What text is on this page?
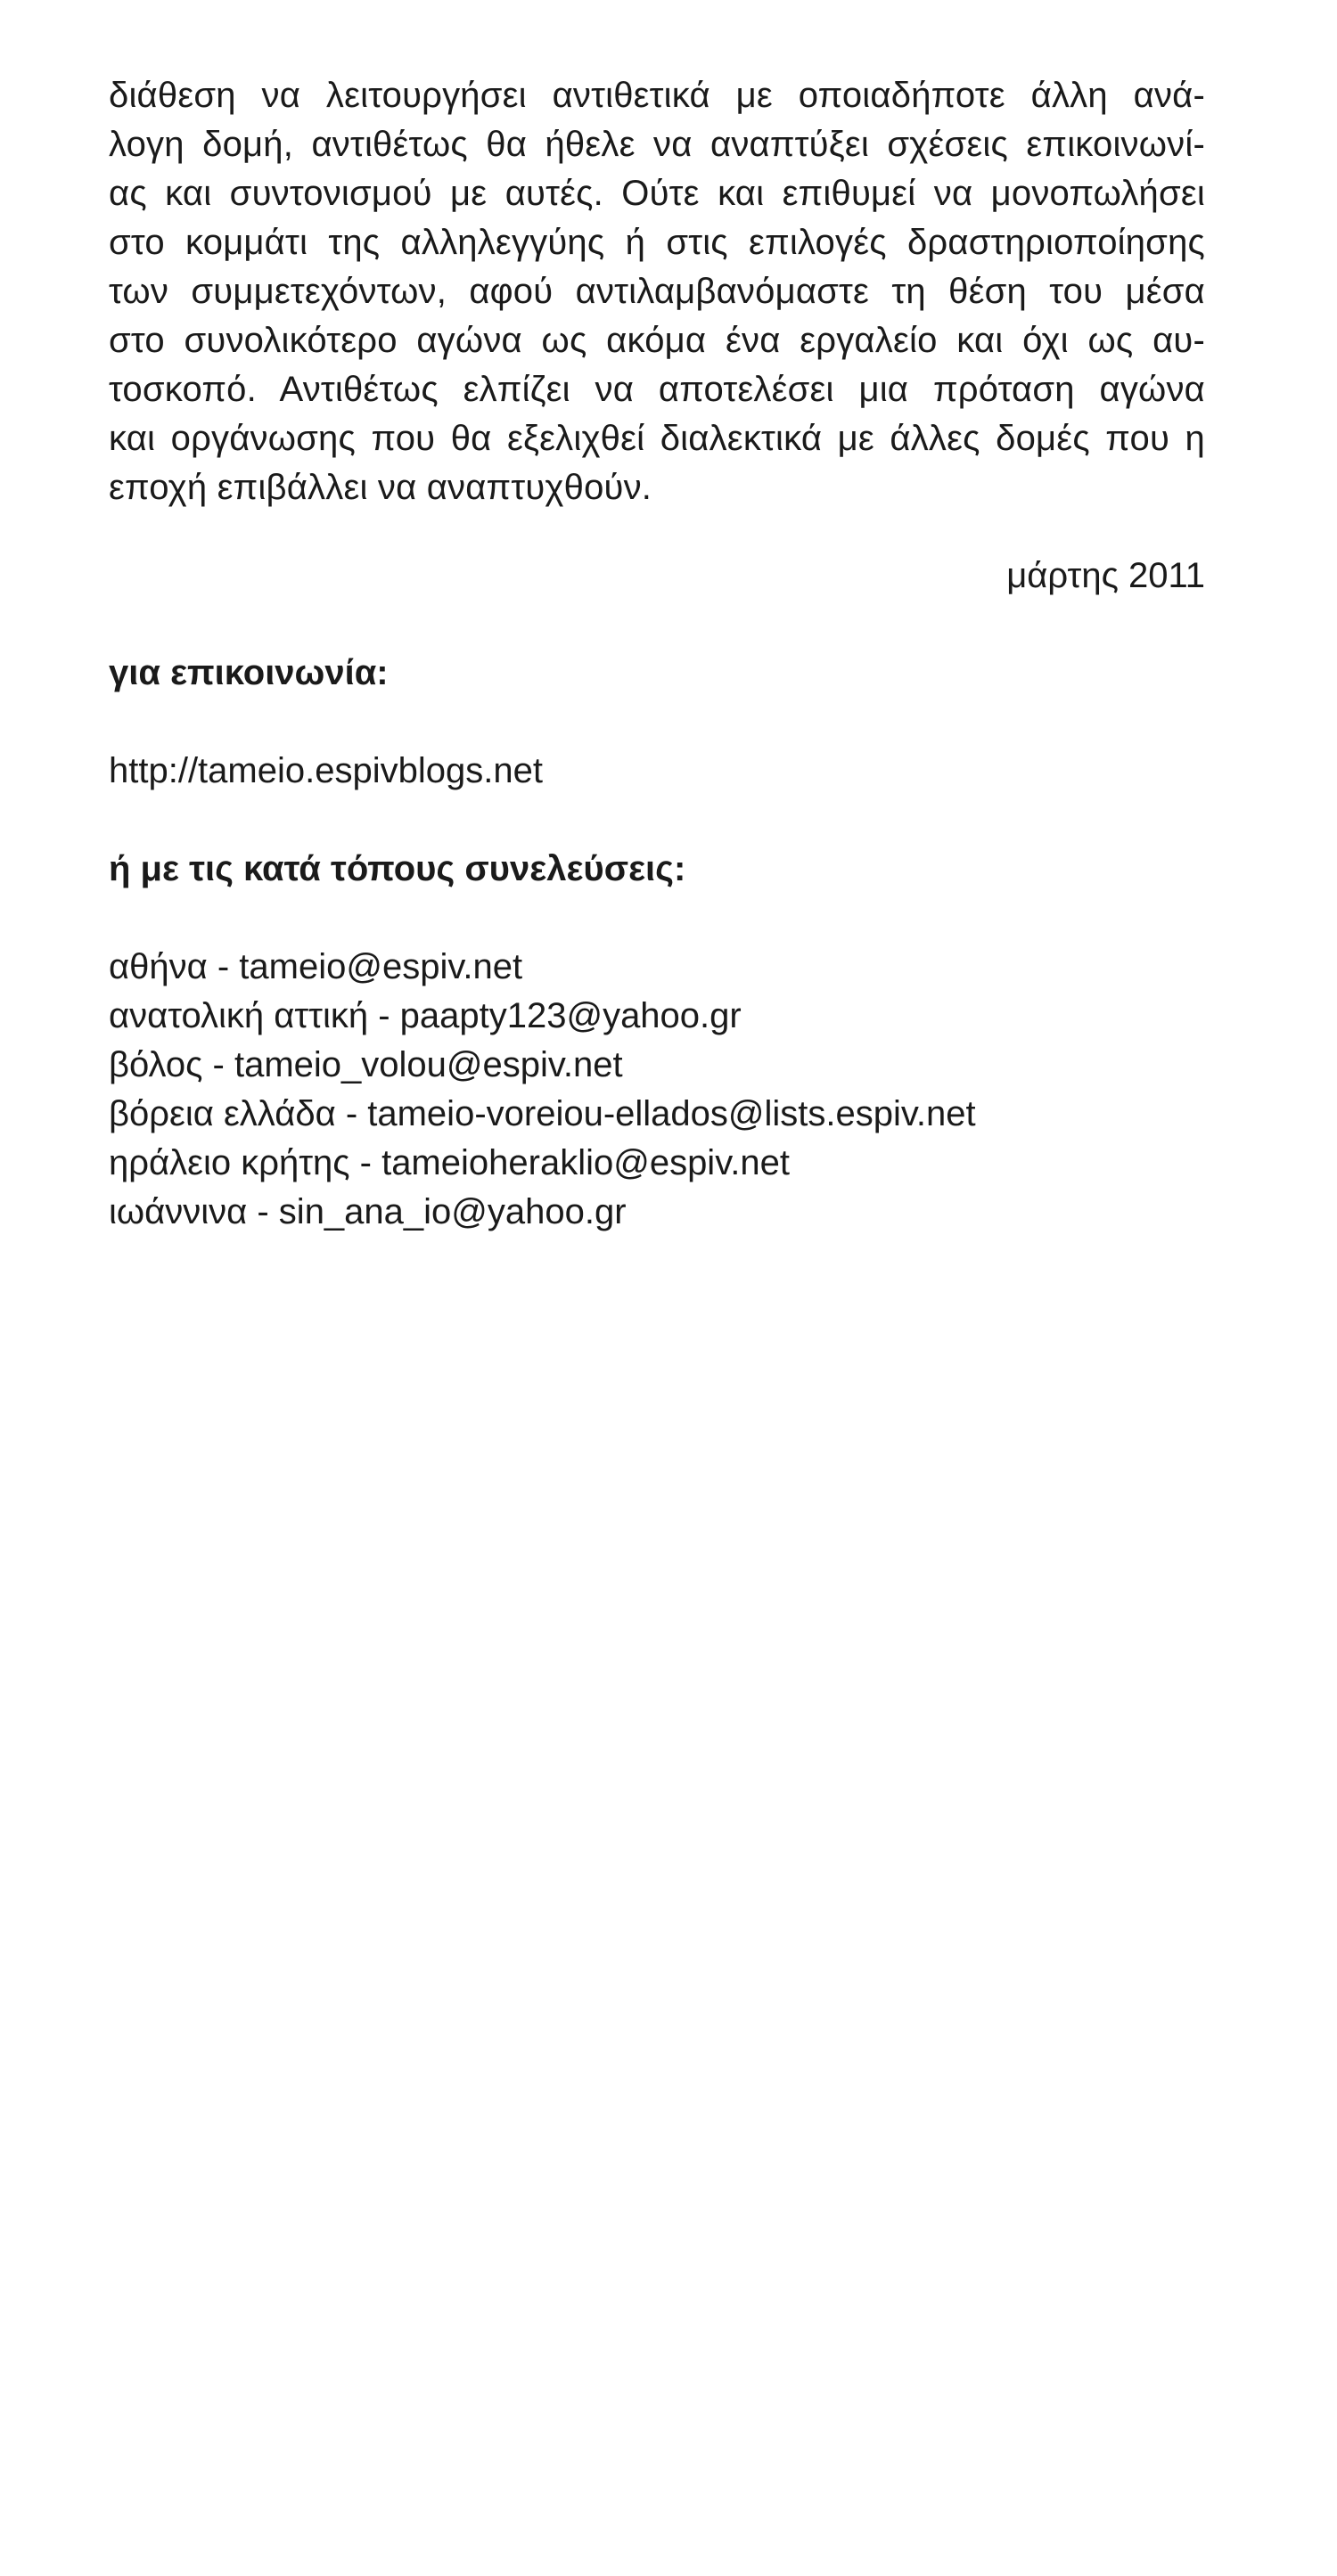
διάθεση να λειτουργήσει αντιθετικά με οποιαδήποτε άλλη ανά-
λογη δομή, αντιθέτως θα ήθελε να αναπτύξει σχέσεις επικοινωνί-
ας και συντονισμού με αυτές. Ούτε και επιθυμεί να μονοπωλήσει
στο κομμάτι της αλληλεγγύης ή στις επιλογές δραστηριοποίησης
των συμμετεχόντων, αφού αντιλαμβανόμαστε τη θέση του μέσα
στο συνολικότερο αγώνα ως ακόμα ένα εργαλείο και όχι ως αυ-
τοσκοπό. Αντιθέτως ελπίζει να αποτελέσει μια πρόταση αγώνα
και οργάνωσης που θα εξελιχθεί διαλεκτικά με άλλες δομές που η
εποχή επιβάλλει να αναπτυχθούν.

μάρτης 2011

για επικοινωνία:

http://tameio.espivblogs.net

ή με τις κατά τόπους συνελεύσεις:

αθήνα - tameio@espiv.net
ανατολική αττική - paapty123@yahoo.gr
βόλος - tameio_volou@espiv.net
βόρεια ελλάδα - tameio-voreiou-ellados@lists.espiv.net
ηράλειο κρήτης - tameioheraklio@espiv.net
ιωάννινα - sin_ana_io@yahoo.gr
